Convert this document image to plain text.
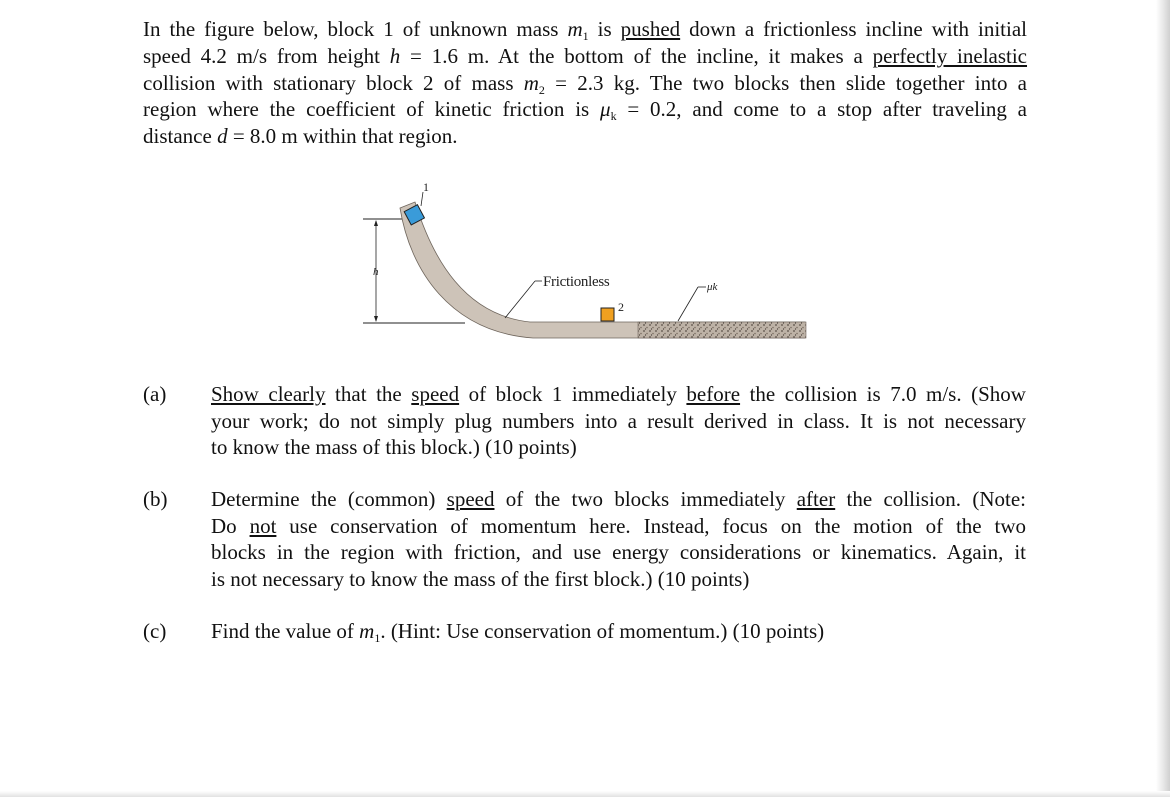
In the figure below, block 1 of unknown mass $m_1$ is pushed down a frictionless incline with initial
speed 4.2 m/s from height h = 1.6 m. At the bottom of the incline, it makes a perfectly inelastic
collision with stationary block 2 of mass $m_2 = 2.3$ kg. The two blocks then slide together into a
region where the coefficient of kinetic friction is $\mu_k = 0.2$, and come to a stop after traveling a
distance d = 8.0 m within that region.
h
1
2
Frictionless	μk
(a) Show clearly that the speed of block 1 immediately before the collision is 7.0 m/s. (Show
your work; do not simply plug numbers into a result derived in class. It is not necessary
to know the mass of this block.) (10 points)
(b) Determine the (common) speed of the two blocks immediately after the collision. (Note:
Do not use conservation of momentum here. Instead, focus on the motion of the two
blocks in the region with friction, and use energy considerations or kinematics. Again, it
is not necessary to know the mass of the first block.) (10 points)
(c) Find the value of $m_1$. (Hint: Use conservation of momentum.) (10 points)
